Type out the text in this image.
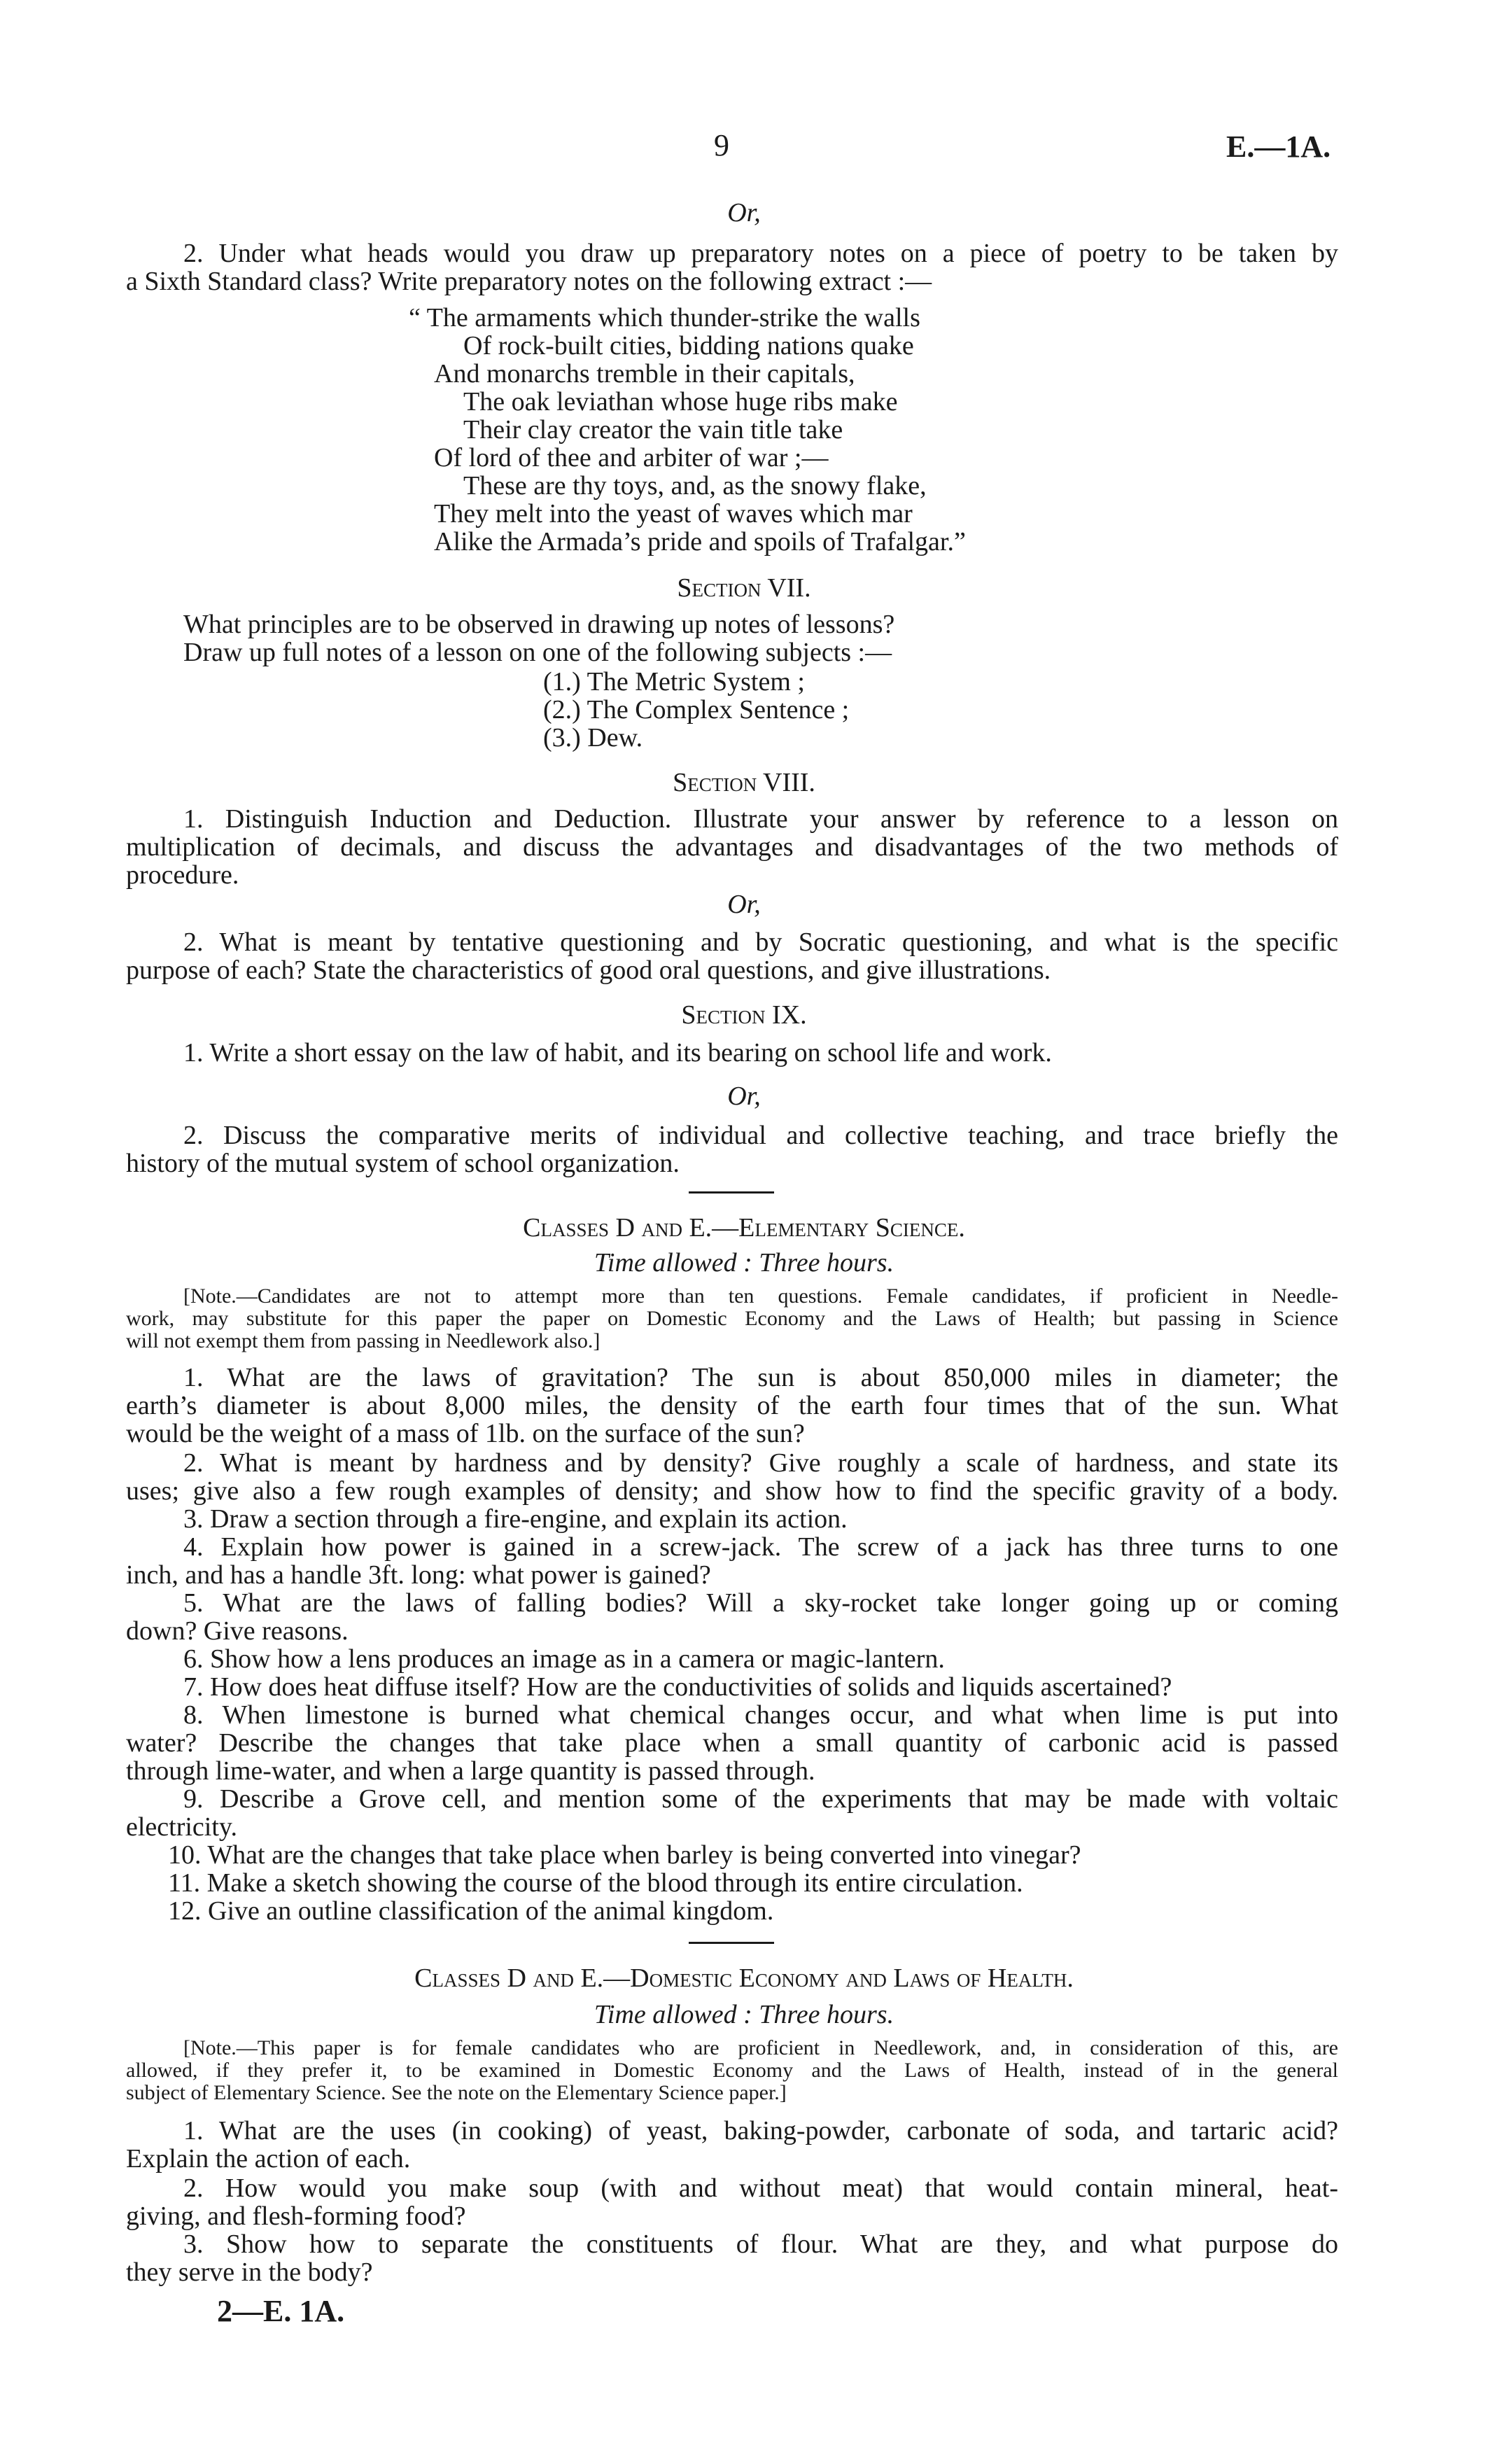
9	E.—1A.
Or,
2. Under what heads would you draw up preparatory notes on a piece of poetry to be taken by
a Sixth Standard class? Write preparatory notes on the following extract :—
“ The armaments which thunder-strike the walls
Of rock-built cities, bidding nations quake
And monarchs tremble in their capitals,
The oak leviathan whose huge ribs make
Their clay creator the vain title take
Of lord of thee and arbiter of war ;—
These are thy toys, and, as the snowy flake,
They melt into the yeast of waves which mar
Alike the Armada’s pride and spoils of Trafalgar.”
Section VII.
What principles are to be observed in drawing up notes of lessons?
Draw up full notes of a lesson on one of the following subjects :—
(1.) The Metric System ;
(2.) The Complex Sentence ;
(3.) Dew.
Section VIII.
1. Distinguish Induction and Deduction. Illustrate your answer by reference to a lesson on
multiplication of decimals, and discuss the advantages and disadvantages of the two methods of
procedure.
Or,
2. What is meant by tentative questioning and by Socratic questioning, and what is the specific
purpose of each? State the characteristics of good oral questions, and give illustrations.
Section IX.
1. Write a short essay on the law of habit, and its bearing on school life and work.
Or,
2. Discuss the comparative merits of individual and collective teaching, and trace briefly the
history of the mutual system of school organization.
Classes D and E.—Elementary Science.
Time allowed : Three hours.
[Note.—Candidates are not to attempt more than ten questions. Female candidates, if proficient in Needle-
work, may substitute for this paper the paper on Domestic Economy and the Laws of Health; but passing in Science
will not exempt them from passing in Needlework also.]
1. What are the laws of gravitation? The sun is about 850,000 miles in diameter; the
earth’s diameter is about 8,000 miles, the density of the earth four times that of the sun. What
would be the weight of a mass of 1lb. on the surface of the sun?
2. What is meant by hardness and by density? Give roughly a scale of hardness, and state its
uses; give also a few rough examples of density; and show how to find the specific gravity of a body.
3. Draw a section through a fire-engine, and explain its action.
4. Explain how power is gained in a screw-jack. The screw of a jack has three turns to one
inch, and has a handle 3ft. long: what power is gained?
5. What are the laws of falling bodies? Will a sky-rocket take longer going up or coming
down? Give reasons.
6. Show how a lens produces an image as in a camera or magic-lantern.
7. How does heat diffuse itself? How are the conductivities of solids and liquids ascertained?
8. When limestone is burned what chemical changes occur, and what when lime is put into
water? Describe the changes that take place when a small quantity of carbonic acid is passed
through lime-water, and when a large quantity is passed through.
9. Describe a Grove cell, and mention some of the experiments that may be made with voltaic
electricity.
10. What are the changes that take place when barley is being converted into vinegar?
11. Make a sketch showing the course of the blood through its entire circulation.
12. Give an outline classification of the animal kingdom.
Classes D and E.—Domestic Economy and Laws of Health.
Time allowed : Three hours.
[Note.—This paper is for female candidates who are proficient in Needlework, and, in consideration of this, are
allowed, if they prefer it, to be examined in Domestic Economy and the Laws of Health, instead of in the general
subject of Elementary Science. See the note on the Elementary Science paper.]
1. What are the uses (in cooking) of yeast, baking-powder, carbonate of soda, and tartaric acid?
Explain the action of each.
2. How would you make soup (with and without meat) that would contain mineral, heat-
giving, and flesh-forming food?
3. Show how to separate the constituents of flour. What are they, and what purpose do
they serve in the body?
2—E. 1A.
